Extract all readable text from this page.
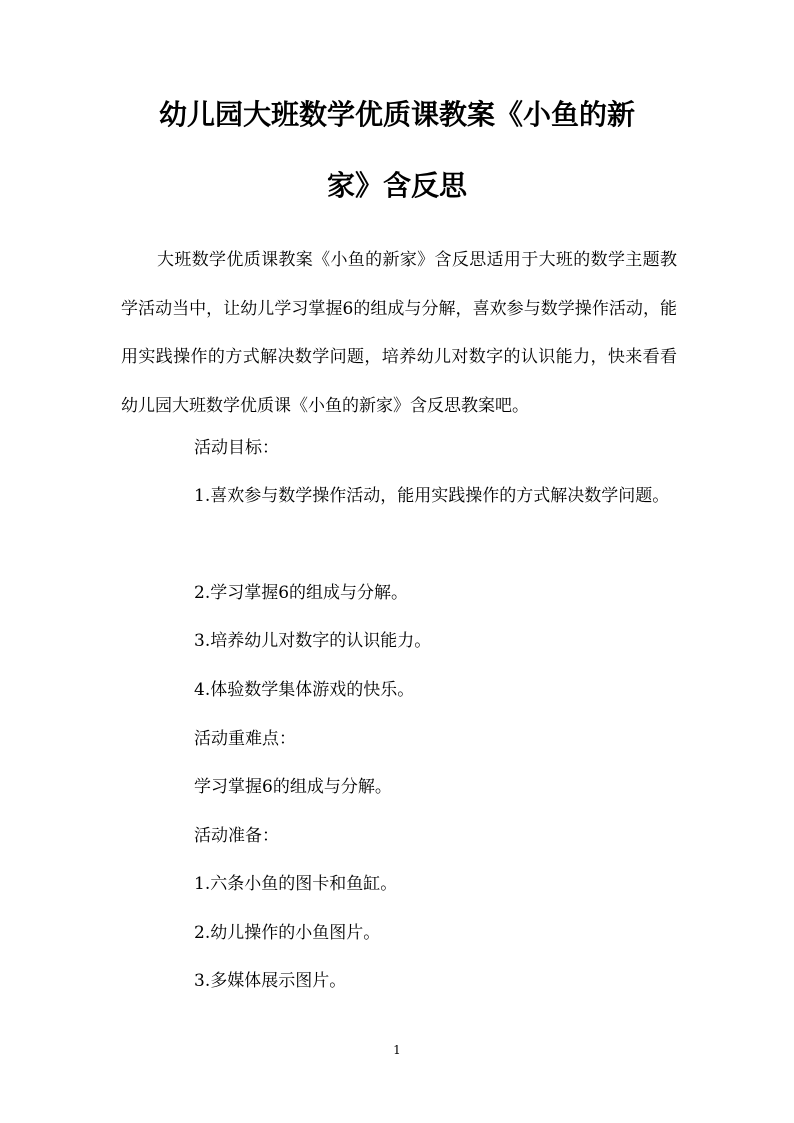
幼儿园大班数学优质课教案《小鱼的新
家》含反思
大班数学优质课教案《小鱼的新家》含反思适用于大班的数学主题教学活动当中，让幼儿学习掌握6的组成与分解，喜欢参与数学操作活动，能用实践操作的方式解决数学问题，培养幼儿对数字的认识能力，快来看看幼儿园大班数学优质课《小鱼的新家》含反思教案吧。
活动目标：
1.喜欢参与数学操作活动，能用实践操作的方式解决数学问题。
2.学习掌握6的组成与分解。
3.培养幼儿对数字的认识能力。
4.体验数学集体游戏的快乐。
活动重难点：
学习掌握6的组成与分解。
活动准备：
1.六条小鱼的图卡和鱼缸。
2.幼儿操作的小鱼图片。
3.多媒体展示图片。
1
